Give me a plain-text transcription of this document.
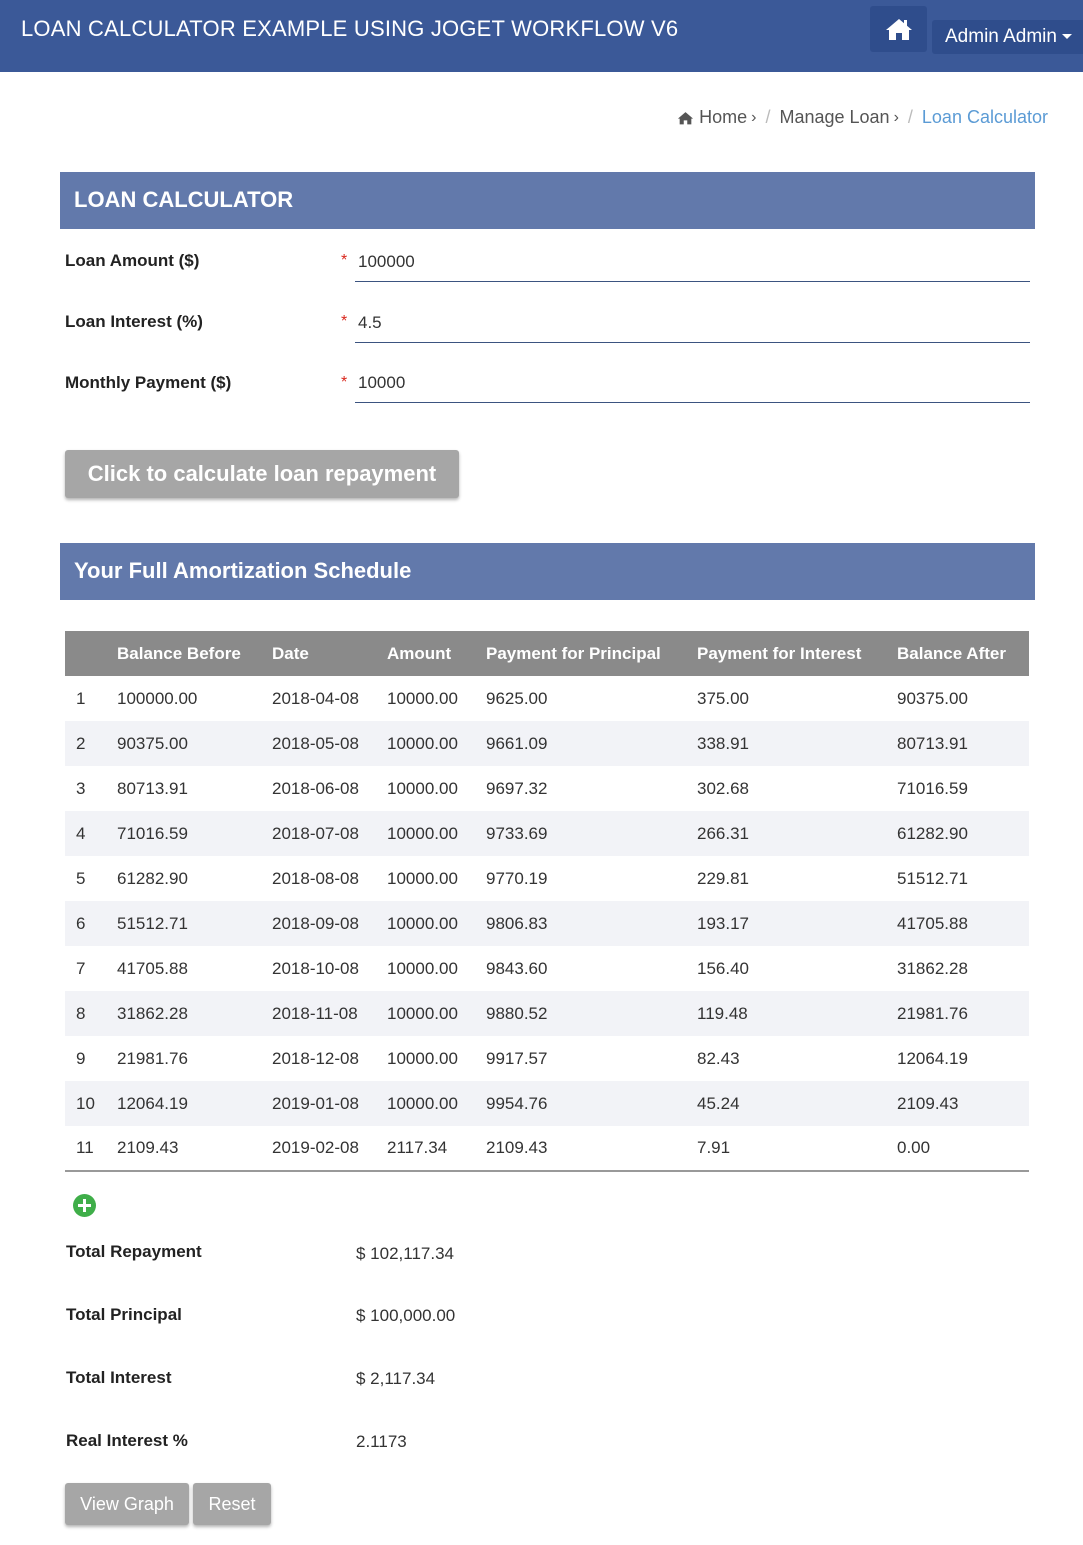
LOAN CALCULATOR EXAMPLE USING JOGET WORKFLOW V6	Admin Admin
Home › / Manage Loan › / Loan Calculator
LOAN CALCULATOR
Loan Amount ($)	*
100000
Loan Interest (%)	*
4.5
Monthly Payment ($)	*
10000
Click to calculate loan repayment
Your Full Amortization Schedule
	Balance Before	Date	Amount	Payment for Principal	Payment for Interest	Balance After
1	100000.00	2018-04-08	10000.00	9625.00	375.00	90375.00
2	90375.00	2018-05-08	10000.00	9661.09	338.91	80713.91
3	80713.91	2018-06-08	10000.00	9697.32	302.68	71016.59
4	71016.59	2018-07-08	10000.00	9733.69	266.31	61282.90
5	61282.90	2018-08-08	10000.00	9770.19	229.81	51512.71
6	51512.71	2018-09-08	10000.00	9806.83	193.17	41705.88
7	41705.88	2018-10-08	10000.00	9843.60	156.40	31862.28
8	31862.28	2018-11-08	10000.00	9880.52	119.48	21981.76
9	21981.76	2018-12-08	10000.00	9917.57	82.43	12064.19
10	12064.19	2019-01-08	10000.00	9954.76	45.24	2109.43
11	2109.43	2019-02-08	2117.34	2109.43	7.91	0.00
Total Repayment	$ 102,117.34
Total Principal	$ 100,000.00
Total Interest	$ 2,117.34
Real Interest %	2.1173
View Graph	Reset
